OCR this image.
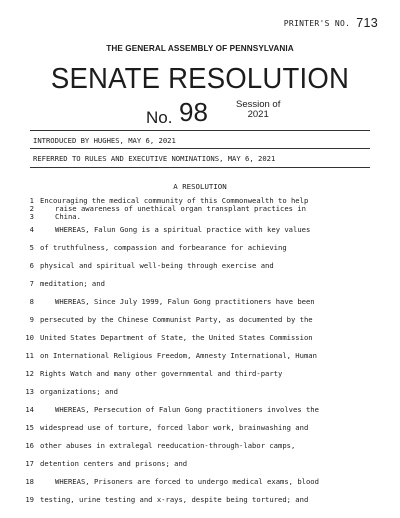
PRINTER'S NO. 713
THE GENERAL ASSEMBLY OF PENNSYLVANIA
SENATE RESOLUTION
No. 98	Session of
2021
INTRODUCED BY HUGHES, MAY 6, 2021
REFERRED TO RULES AND EXECUTIVE NOMINATIONS, MAY 6, 2021
A RESOLUTION
1 Encouraging the medical community of this Commonwealth to help
2	raise awareness of unethical organ transplant practices in
3	China.
4	WHEREAS, Falun Gong is a spiritual practice with key values
5 of truthfulness, compassion and forbearance for achieving
6 physical and spiritual well-being through exercise and
7 meditation; and
8	WHEREAS, Since July 1999, Falun Gong practitioners have been
9 persecuted by the Chinese Communist Party, as documented by the
10 United States Department of State, the United States Commission
11 on International Religious Freedom, Amnesty International, Human
12 Rights Watch and many other governmental and third-party
13 organizations; and
14	WHEREAS, Persecution of Falun Gong practitioners involves the
15 widespread use of torture, forced labor work, brainwashing and
16 other abuses in extralegal reeducation-through-labor camps,
17 detention centers and prisons; and
18	WHEREAS, Prisoners are forced to undergo medical exams, blood
19 testing, urine testing and x-rays, despite being tortured; and
